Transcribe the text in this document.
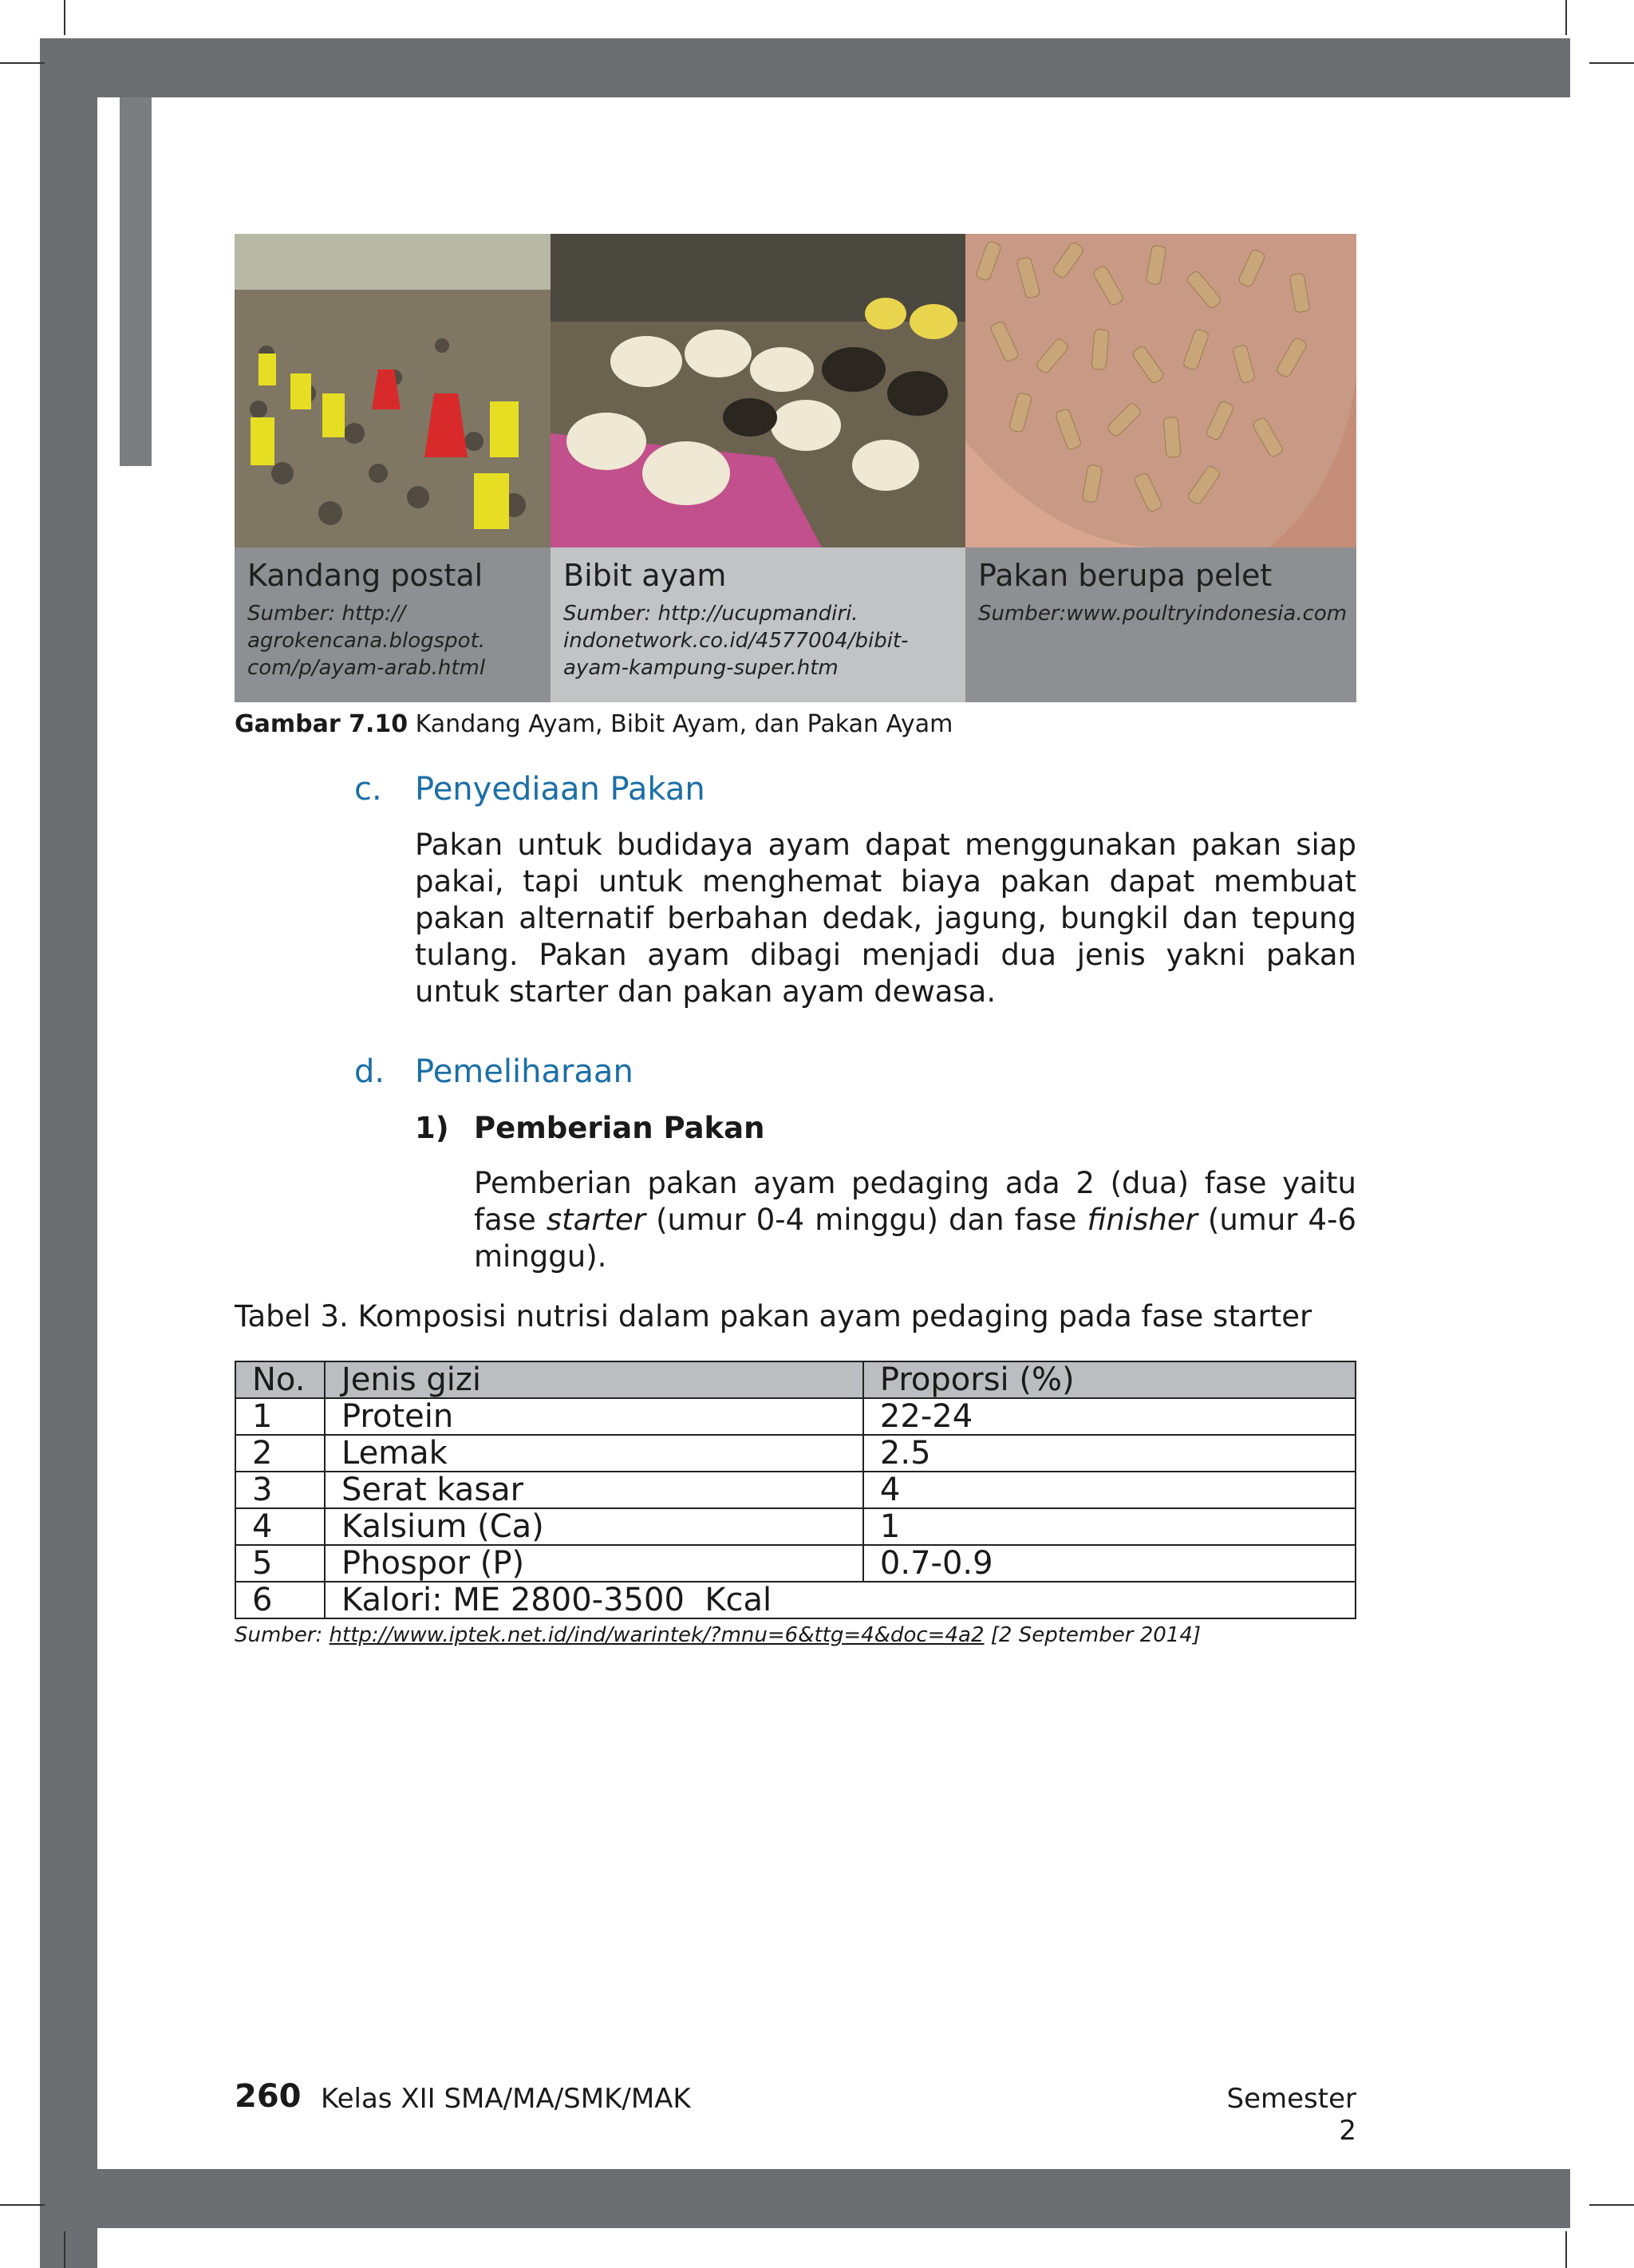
Kandang postal
Sumber: http://
agrokencana.blogspot.
com/p/ayam-arab.html
Bibit ayam
Sumber: http://ucupmandiri.
indonetwork.co.id/4577004/bibit-
ayam-kampung-super.htm
Pakan berupa pelet
Sumber:www.poultryindonesia.com
Gambar 7.10 Kandang Ayam, Bibit Ayam, dan Pakan Ayam
c. Penyediaan Pakan
Pakan untuk budidaya ayam dapat menggunakan pakan siap pakai, tapi untuk menghemat biaya pakan dapat membuat pakan alternatif berbahan dedak, jagung, bungkil dan tepung tulang. Pakan ayam dibagi menjadi dua jenis yakni pakan untuk starter dan pakan ayam dewasa.
d. Pemeliharaan
1) Pemberian Pakan
Pemberian pakan ayam pedaging ada 2 (dua) fase yaitu fase starter (umur 0-4 minggu) dan fase finisher (umur 4-6 minggu).
Tabel 3. Komposisi nutrisi dalam pakan ayam pedaging pada fase starter
No.	Jenis gizi	Proporsi (%)
1	Protein	22-24
2	Lemak	2.5
3	Serat kasar	4
4	Kalsium (Ca)	1
5	Phospor (P)	0.7-0.9
6	Kalori: ME 2800-3500  Kcal	
Sumber: http://www.iptek.net.id/ind/warintek/?mnu=6&ttg=4&doc=4a2 [2 September 2014]
260 Kelas XII SMA/MA/SMK/MAK	Semester 2
